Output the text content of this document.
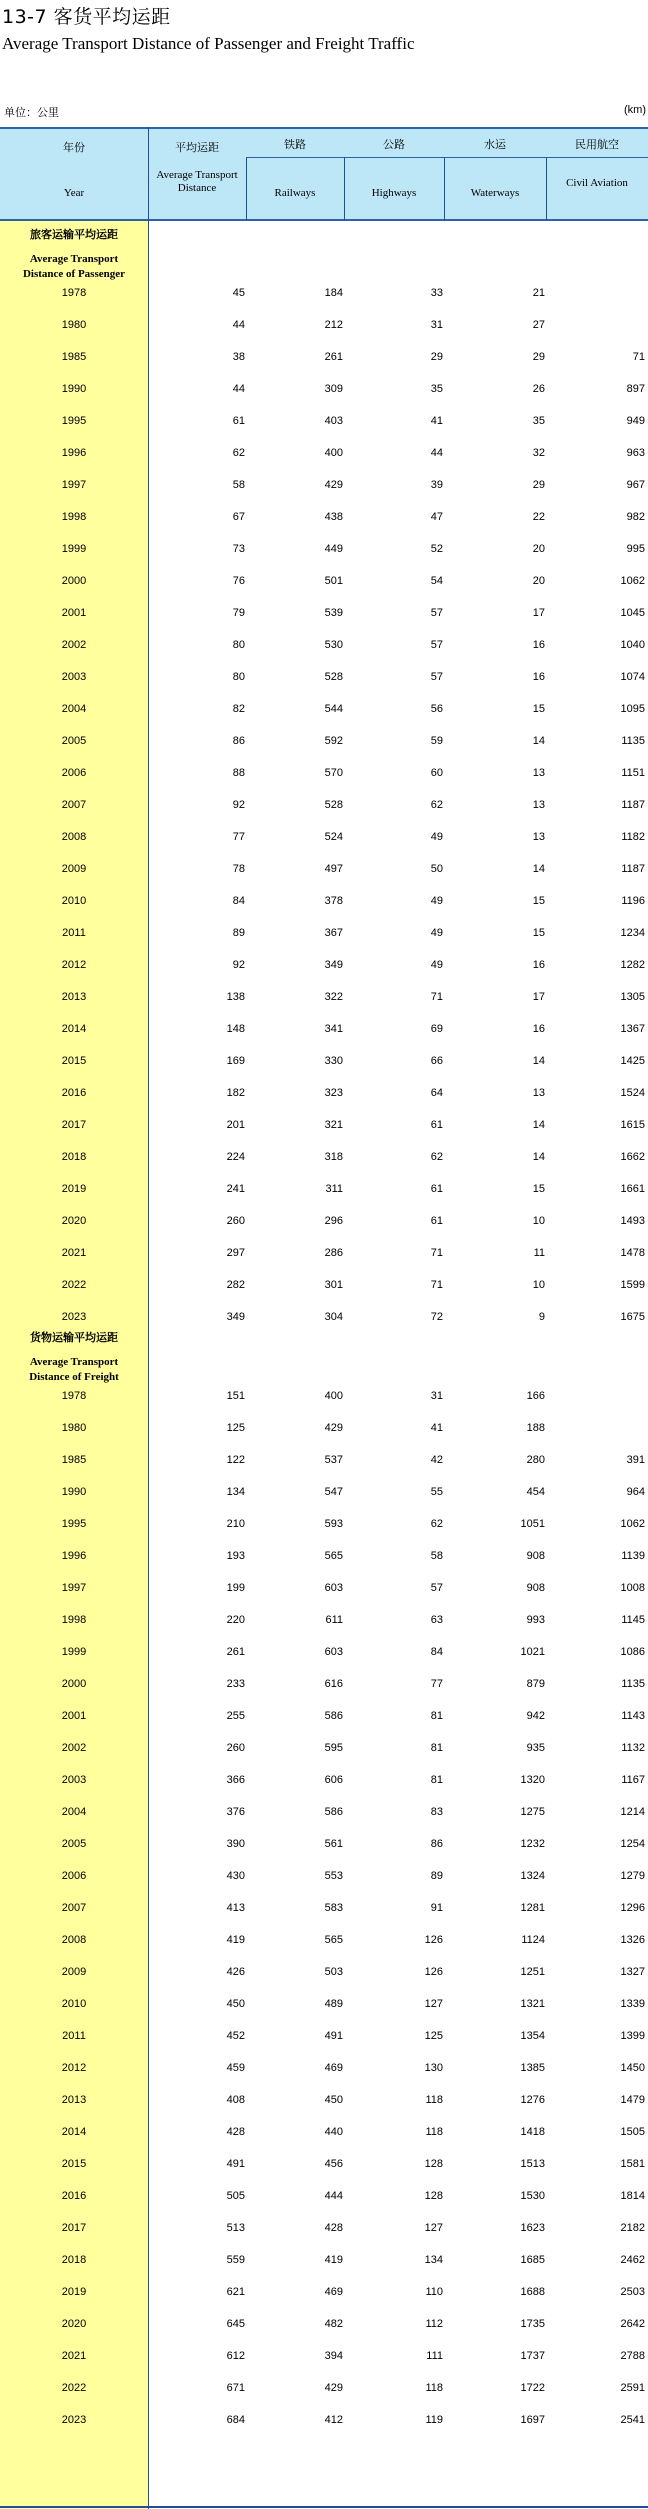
13-7 客货平均运距
Average Transport Distance of Passenger and Freight Traffic
单位：公里	(km)
年份
Year
平均运距
Average Transport Distance
铁路
Railways
公路
Highways
水运
Waterways
民用航空
Civil Aviation
旅客运输平均运距
Average Transport Distance of Passenger
1978	45	184	33	21
1980	44	212	31	27
1985	38	261	29	29	71
1990	44	309	35	26	897
1995	61	403	41	35	949
1996	62	400	44	32	963
1997	58	429	39	29	967
1998	67	438	47	22	982
1999	73	449	52	20	995
2000	76	501	54	20	1062
2001	79	539	57	17	1045
2002	80	530	57	16	1040
2003	80	528	57	16	1074
2004	82	544	56	15	1095
2005	86	592	59	14	1135
2006	88	570	60	13	1151
2007	92	528	62	13	1187
2008	77	524	49	13	1182
2009	78	497	50	14	1187
2010	84	378	49	15	1196
2011	89	367	49	15	1234
2012	92	349	49	16	1282
2013	138	322	71	17	1305
2014	148	341	69	16	1367
2015	169	330	66	14	1425
2016	182	323	64	13	1524
2017	201	321	61	14	1615
2018	224	318	62	14	1662
2019	241	311	61	15	1661
2020	260	296	61	10	1493
2021	297	286	71	11	1478
2022	282	301	71	10	1599
2023	349	304	72	9	1675
货物运输平均运距
Average Transport Distance of Freight
1978	151	400	31	166
1980	125	429	41	188
1985	122	537	42	280	391
1990	134	547	55	454	964
1995	210	593	62	1051	1062
1996	193	565	58	908	1139
1997	199	603	57	908	1008
1998	220	611	63	993	1145
1999	261	603	84	1021	1086
2000	233	616	77	879	1135
2001	255	586	81	942	1143
2002	260	595	81	935	1132
2003	366	606	81	1320	1167
2004	376	586	83	1275	1214
2005	390	561	86	1232	1254
2006	430	553	89	1324	1279
2007	413	583	91	1281	1296
2008	419	565	126	1124	1326
2009	426	503	126	1251	1327
2010	450	489	127	1321	1339
2011	452	491	125	1354	1399
2012	459	469	130	1385	1450
2013	408	450	118	1276	1479
2014	428	440	118	1418	1505
2015	491	456	128	1513	1581
2016	505	444	128	1530	1814
2017	513	428	127	1623	2182
2018	559	419	134	1685	2462
2019	621	469	110	1688	2503
2020	645	482	112	1735	2642
2021	612	394	111	1737	2788
2022	671	429	118	1722	2591
2023	684	412	119	1697	2541
